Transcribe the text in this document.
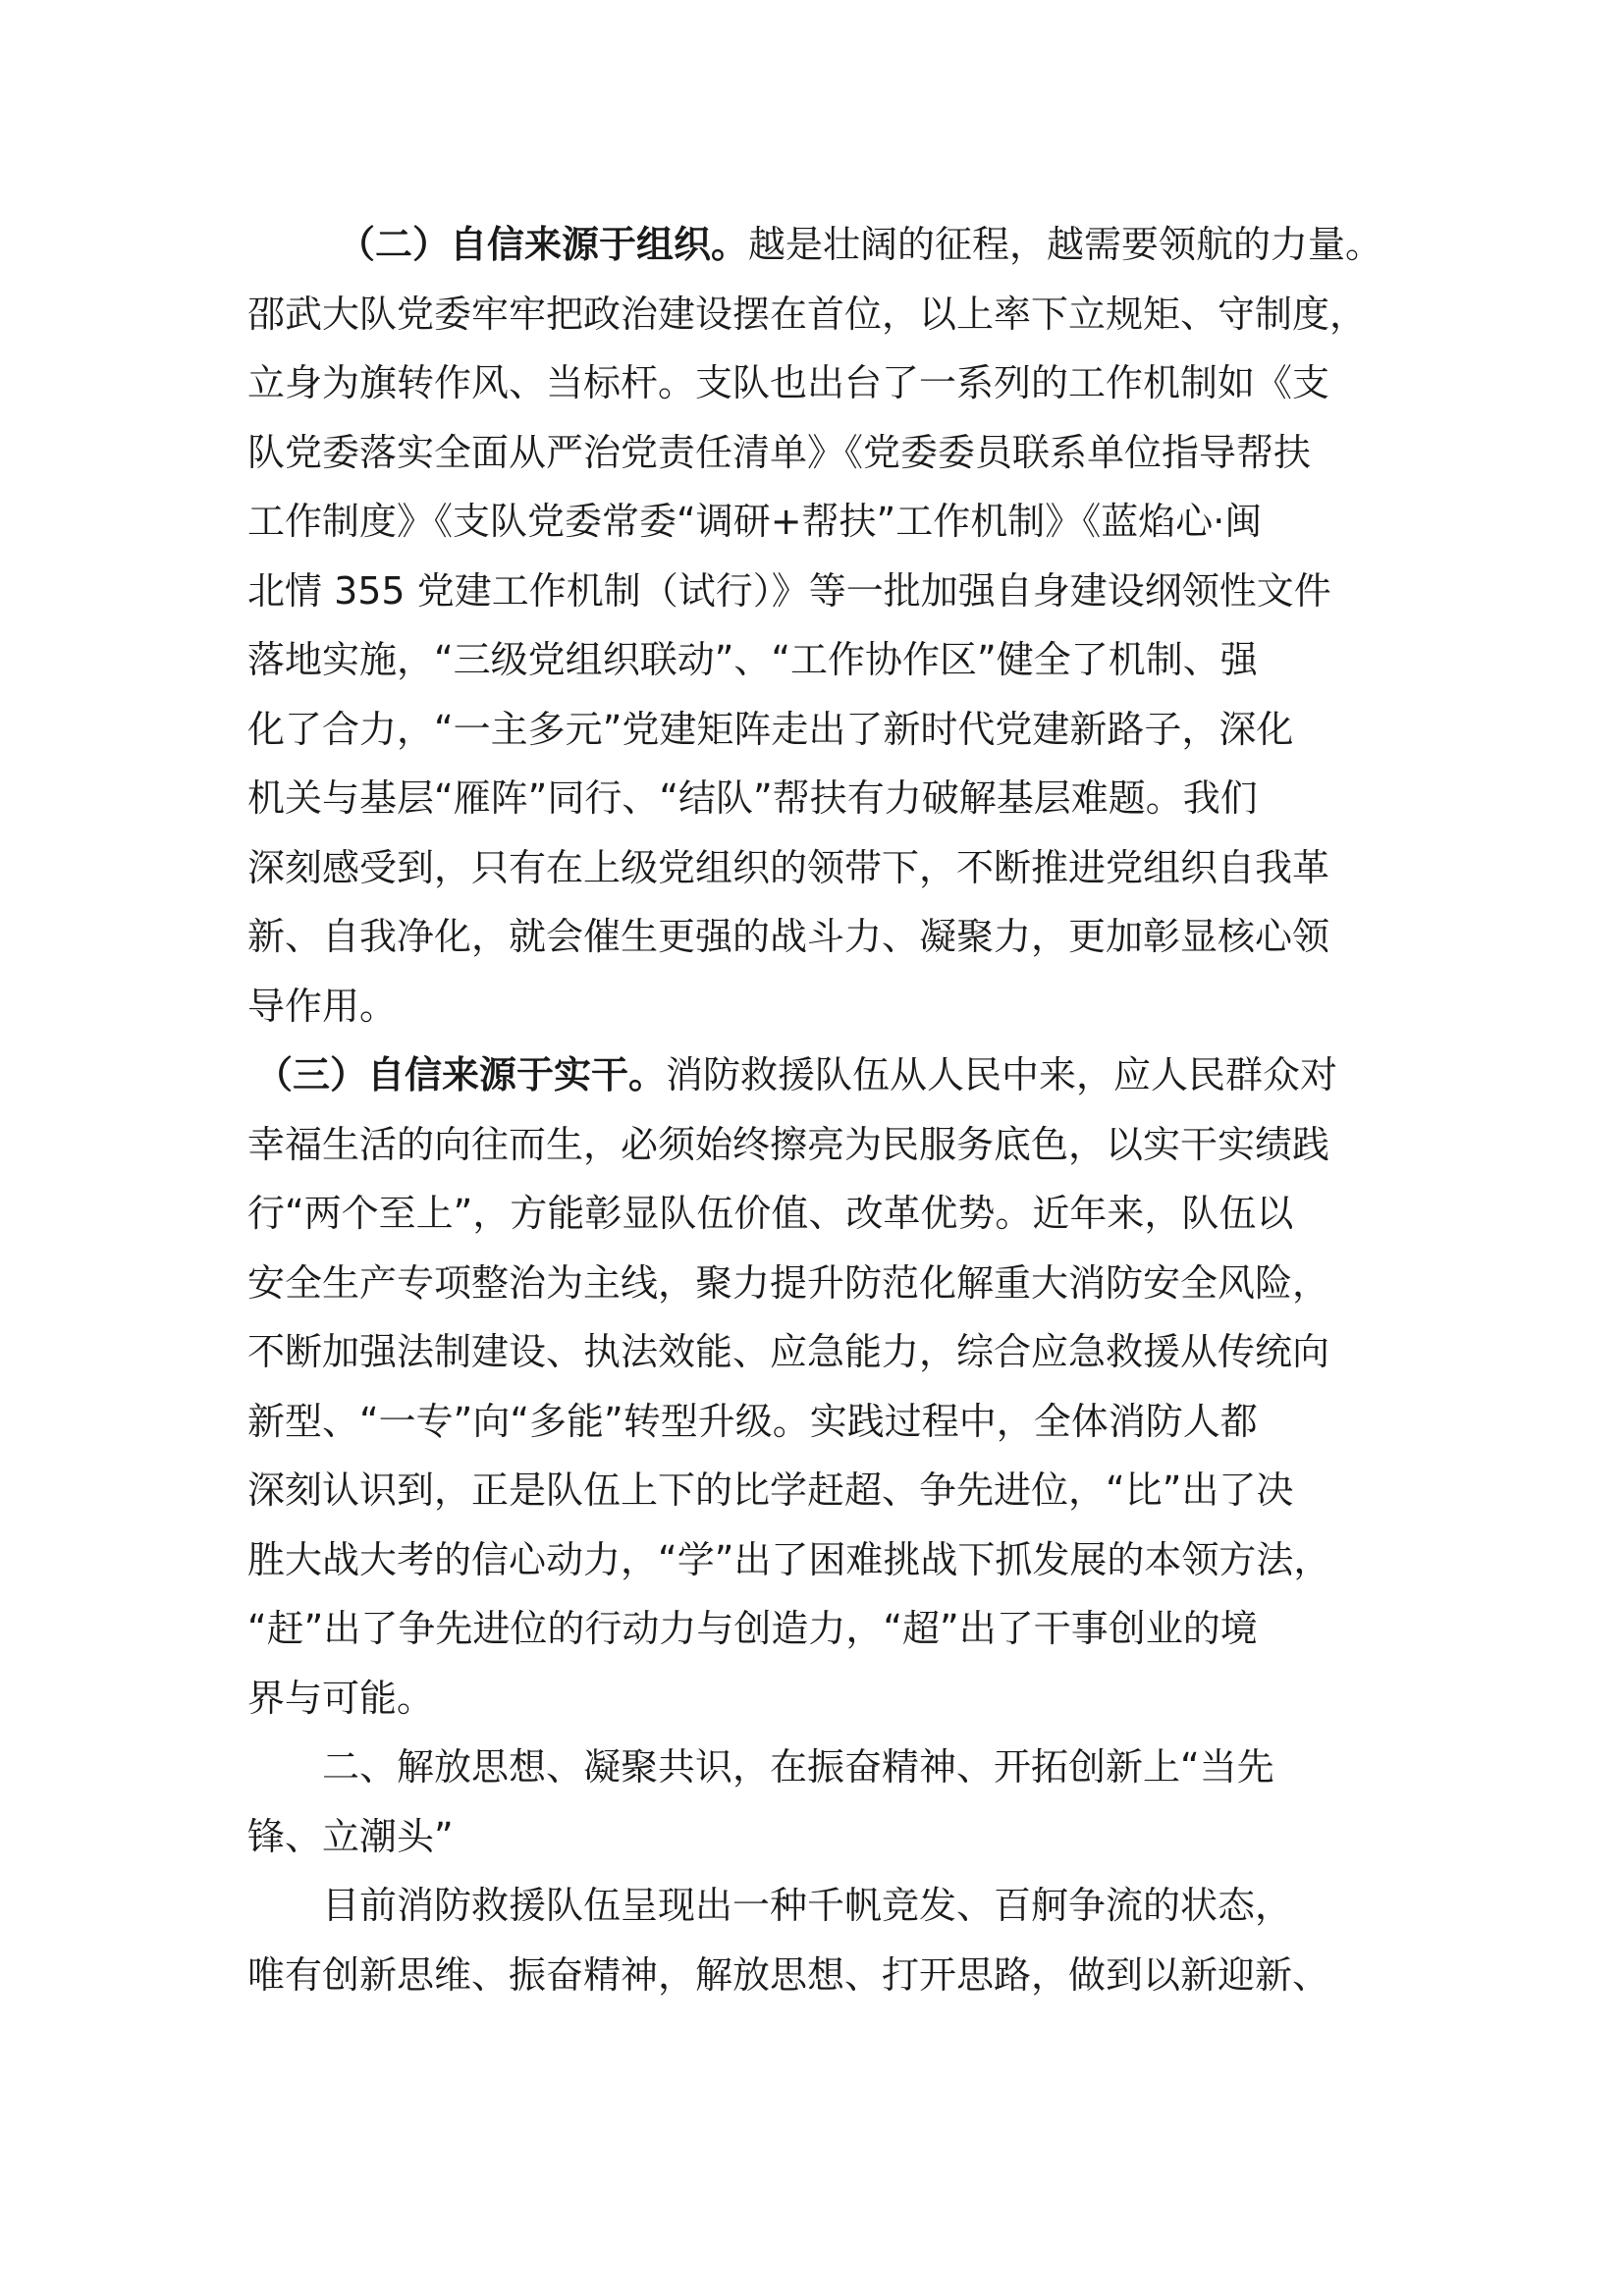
（二）自信来源于组织。越是壮阔的征程，越需要领航的力量。
邵武大队党委牢牢把政治建设摆在首位，以上率下立规矩、守制度，
立身为旗转作风、当标杆。支队也出台了一系列的工作机制如《支
队党委落实全面从严治党责任清单》《党委委员联系单位指导帮扶
工作制度》《支队党委常委“调研+帮扶”工作机制》《蓝焰心·闽
北情 355 党建工作机制（试行）》等一批加强自身建设纲领性文件
落地实施，“三级党组织联动”、“工作协作区”健全了机制、强
化了合力，“一主多元”党建矩阵走出了新时代党建新路子，深化
机关与基层“雁阵”同行、“结队”帮扶有力破解基层难题。我们
深刻感受到，只有在上级党组织的领带下，不断推进党组织自我革
新、自我净化，就会催生更强的战斗力、凝聚力，更加彰显核心领
导作用。
（三）自信来源于实干。消防救援队伍从人民中来，应人民群众对
幸福生活的向往而生，必须始终擦亮为民服务底色，以实干实绩践
行“两个至上”，方能彰显队伍价值、改革优势。近年来，队伍以
安全生产专项整治为主线，聚力提升防范化解重大消防安全风险，
不断加强法制建设、执法效能、应急能力，综合应急救援从传统向
新型、“一专”向“多能”转型升级。实践过程中，全体消防人都
深刻认识到，正是队伍上下的比学赶超、争先进位，“比”出了决
胜大战大考的信心动力，“学”出了困难挑战下抓发展的本领方法，
“赶”出了争先进位的行动力与创造力，“超”出了干事创业的境
界与可能。
二、解放思想、凝聚共识，在振奋精神、开拓创新上“当先
锋、立潮头”
目前消防救援队伍呈现出一种千帆竞发、百舸争流的状态，
唯有创新思维、振奋精神，解放思想、打开思路，做到以新迎新、
